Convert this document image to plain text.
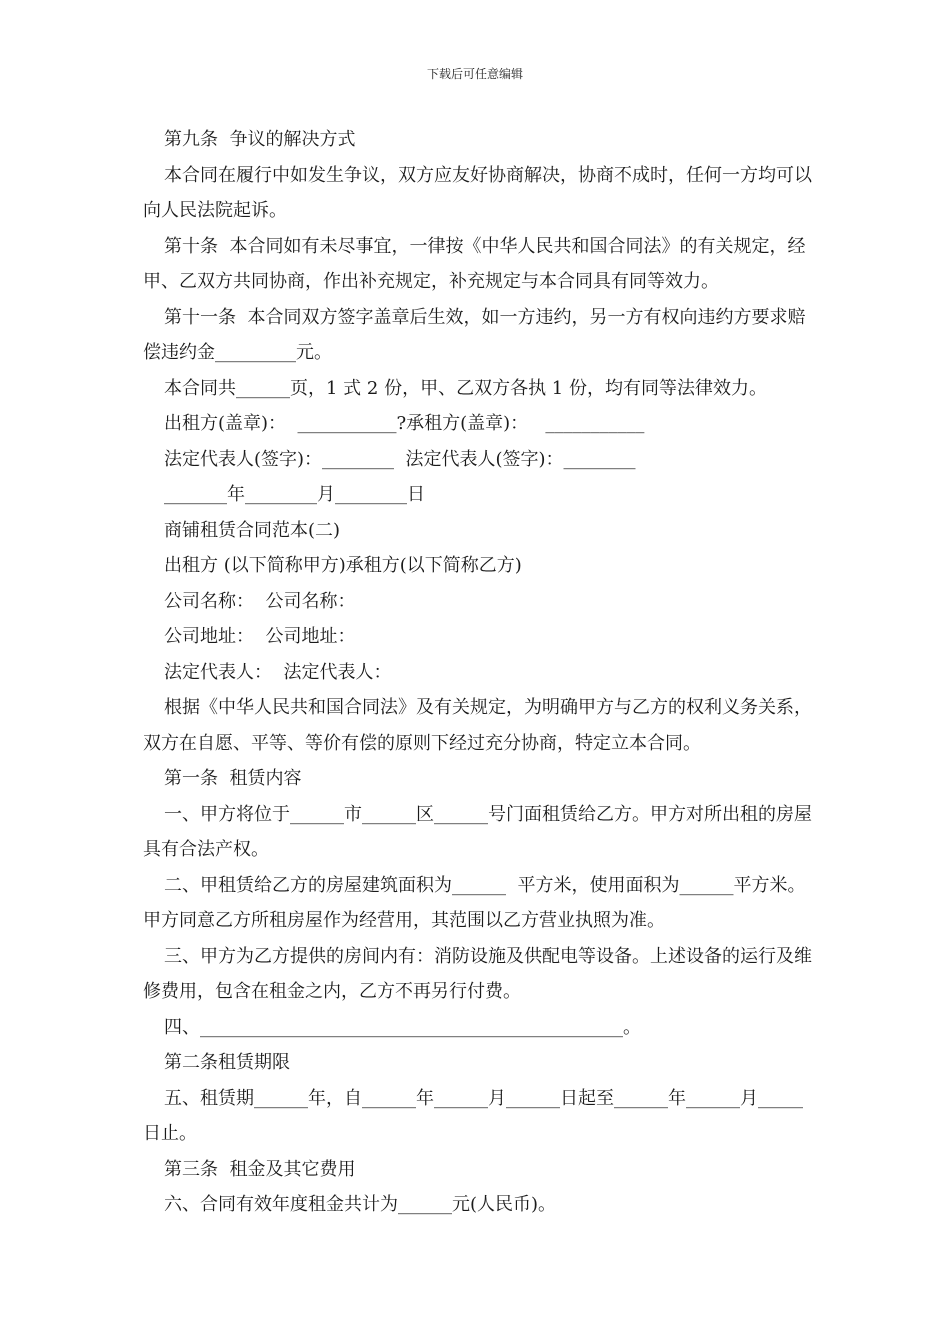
下载后可任意编辑

第九条  争议的解决方式

本合同在履行中如发生争议，双方应友好协商解决，协商不成时，任何一方均可以向人民法院起诉。

第十条  本合同如有未尽事宜，一律按《中华人民共和国合同法》的有关规定，经甲、乙双方共同协商，作出补充规定，补充规定与本合同具有同等效力。

第十一条  本合同双方签字盖章后生效，如一方违约，另一方有权向违约方要求赔偿违约金_________元。

本合同共______页，1 式 2 份，甲、乙双方各执 1 份，均有同等法律效力。

出租方(盖章)：  ___________?承租方(盖章)：   ___________

法定代表人(签字)：________  法定代表人(签字)：________

_______年________月________日

商铺租赁合同范本(二)

出租方 (以下简称甲方)承租方(以下简称乙方)

公司名称：  公司名称：

公司地址：  公司地址：

法定代表人：  法定代表人：

根据《中华人民共和国合同法》及有关规定，为明确甲方与乙方的权利义务关系，双方在自愿、平等、等价有偿的原则下经过充分协商，特定立本合同。

第一条  租赁内容

一、甲方将位于______市______区______号门面租赁给乙方。甲方对所出租的房屋具有合法产权。

二、甲租赁给乙方的房屋建筑面积为______  平方米，使用面积为______平方米。甲方同意乙方所租房屋作为经营用，其范围以乙方营业执照为准。

三、甲方为乙方提供的房间内有：消防设施及供配电等设备。上述设备的运行及维修费用，包含在租金之内，乙方不再另行付费。

四、_______________________________________________。

第二条租赁期限

五、租赁期______年，自______年______月______日起至______年______月_____日止。

第三条  租金及其它费用

六、合同有效年度租金共计为______元(人民币)。
